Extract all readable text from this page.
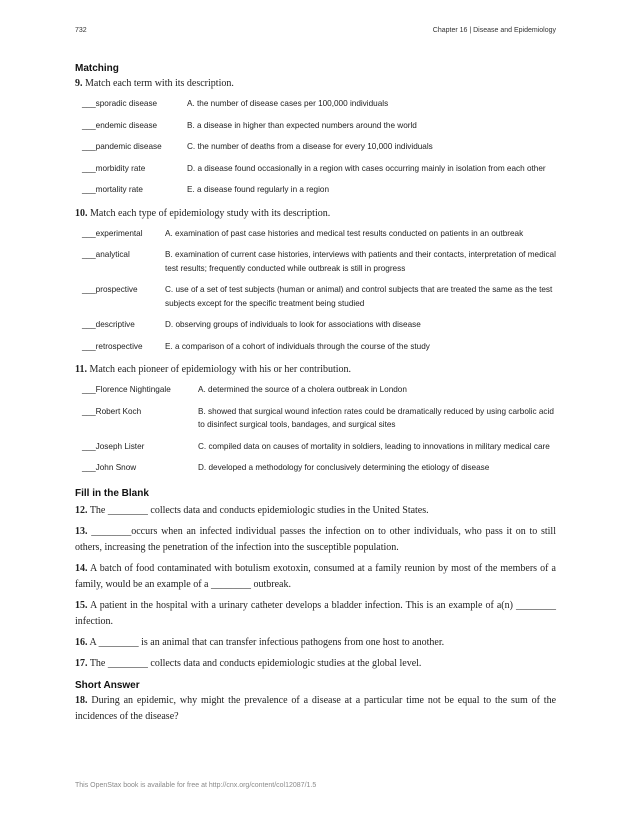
732	Chapter 16 | Disease and Epidemiology
Matching
9. Match each term with its description.
___sporadic disease	A. the number of disease cases per 100,000 individuals
___endemic disease	B. a disease in higher than expected numbers around the world
___pandemic disease	C. the number of deaths from a disease for every 10,000 individuals
___morbidity rate	D. a disease found occasionally in a region with cases occurring mainly in isolation from each other
___mortality rate	E. a disease found regularly in a region
10. Match each type of epidemiology study with its description.
___experimental	A. examination of past case histories and medical test results conducted on patients in an outbreak
___analytical	B. examination of current case histories, interviews with patients and their contacts, interpretation of medical test results; frequently conducted while outbreak is still in progress
___prospective	C. use of a set of test subjects (human or animal) and control subjects that are treated the same as the test subjects except for the specific treatment being studied
___descriptive	D. observing groups of individuals to look for associations with disease
___retrospective	E. a comparison of a cohort of individuals through the course of the study
11. Match each pioneer of epidemiology with his or her contribution.
___Florence Nightingale	A. determined the source of a cholera outbreak in London
___Robert Koch	B. showed that surgical wound infection rates could be dramatically reduced by using carbolic acid to disinfect surgical tools, bandages, and surgical sites
___Joseph Lister	C. compiled data on causes of mortality in soldiers, leading to innovations in military medical care
___John Snow	D. developed a methodology for conclusively determining the etiology of disease
Fill in the Blank
12. The ________ collects data and conducts epidemiologic studies in the United States.
13. ________occurs when an infected individual passes the infection on to other individuals, who pass it on to still others, increasing the penetration of the infection into the susceptible population.
14. A batch of food contaminated with botulism exotoxin, consumed at a family reunion by most of the members of a family, would be an example of a ________ outbreak.
15. A patient in the hospital with a urinary catheter develops a bladder infection. This is an example of a(n) ________ infection.
16. A ________ is an animal that can transfer infectious pathogens from one host to another.
17. The ________ collects data and conducts epidemiologic studies at the global level.
Short Answer
18. During an epidemic, why might the prevalence of a disease at a particular time not be equal to the sum of the incidences of the disease?
This OpenStax book is available for free at http://cnx.org/content/col12087/1.5
